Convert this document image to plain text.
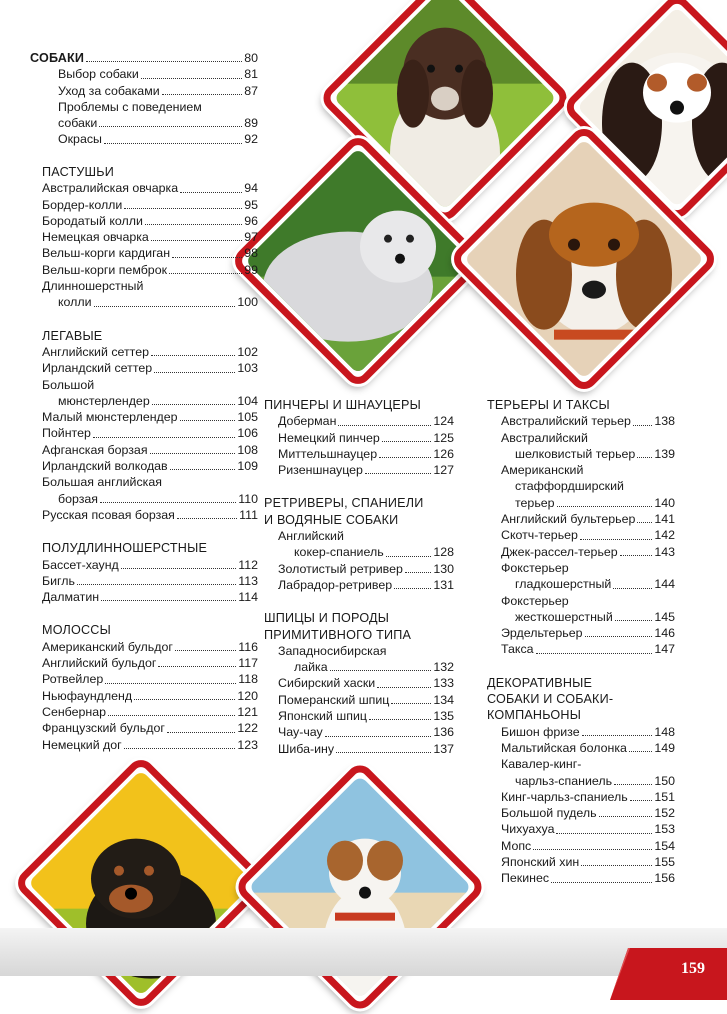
СОБАКИ	80
Выбор собаки	81
Уход за собаками	87
Проблемы с поведением
собаки	89
Окрасы	92
ПАСТУШЬИ
Австралийская овчарка	94
Бордер-колли	95
Бородатый колли	96
Немецкая овчарка	97
Вельш-корги кардиган	98
Вельш-корги пемброк	99
Длинношерстный
колли	100
ЛЕГАВЫЕ
Английский сеттер	102
Ирландский сеттер	103
Большой
мюнстерлендер	104
Малый мюнстерлендер	105
Пойнтер	106
Афганская борзая	108
Ирландский волкодав	109
Большая английская
борзая	110
Русская псовая борзая	111
ПОЛУДЛИННОШЕРСТНЫЕ
Бассет-хаунд	112
Бигль	113
Далматин	114
МОЛОССЫ
Американский бульдог	116
Английский бульдог	117
Ротвейлер	118
Ньюфаундленд	120
Сенбернар	121
Французский бульдог	122
Немецкий дог	123
ПИНЧЕРЫ И ШНАУЦЕРЫ
Доберман	124
Немецкий пинчер	125
Миттельшнауцер	126
Ризеншнауцер	127
РЕТРИВЕРЫ, СПАНИЕЛИ
И ВОДЯНЫЕ СОБАКИ
Английский
кокер-спаниель	128
Золотистый ретривер 130
Лабрадор-ретривер	131
ШПИЦЫ И ПОРОДЫ
ПРИМИТИВНОГО ТИПА
Западносибирская
лайка	132
Сибирский хаски	133
Померанский шпиц	134
Японский шпиц	135
Чау-чау	136
Шиба-ину	137
ТЕРЬЕРЫ И ТАКСЫ
Австралийский терьер 138
Австралийский
шелковистый терьер 139
Американский
стаффордширский
терьер	140
Английский бультерьер 141
Скотч-терьер	142
Джек-рассел-терьер	143
Фокстерьер
гладкошерстный	144
Фокстерьер
жесткошерстный	145
Эрдельтерьер	146
Такса	147
ДЕКОРАТИВНЫЕ
СОБАКИ И СОБАКИ-
КОМПАНЬОНЫ
Бишон фризе	148
Мальтийская болонка 149
Кавалер-кинг-
чарльз-спаниель	150
Кинг-чарльз-спаниель 151
Большой пудель	152
Чихуахуа	153
Мопс	154
Японский хин	155
Пекинес	156
159
